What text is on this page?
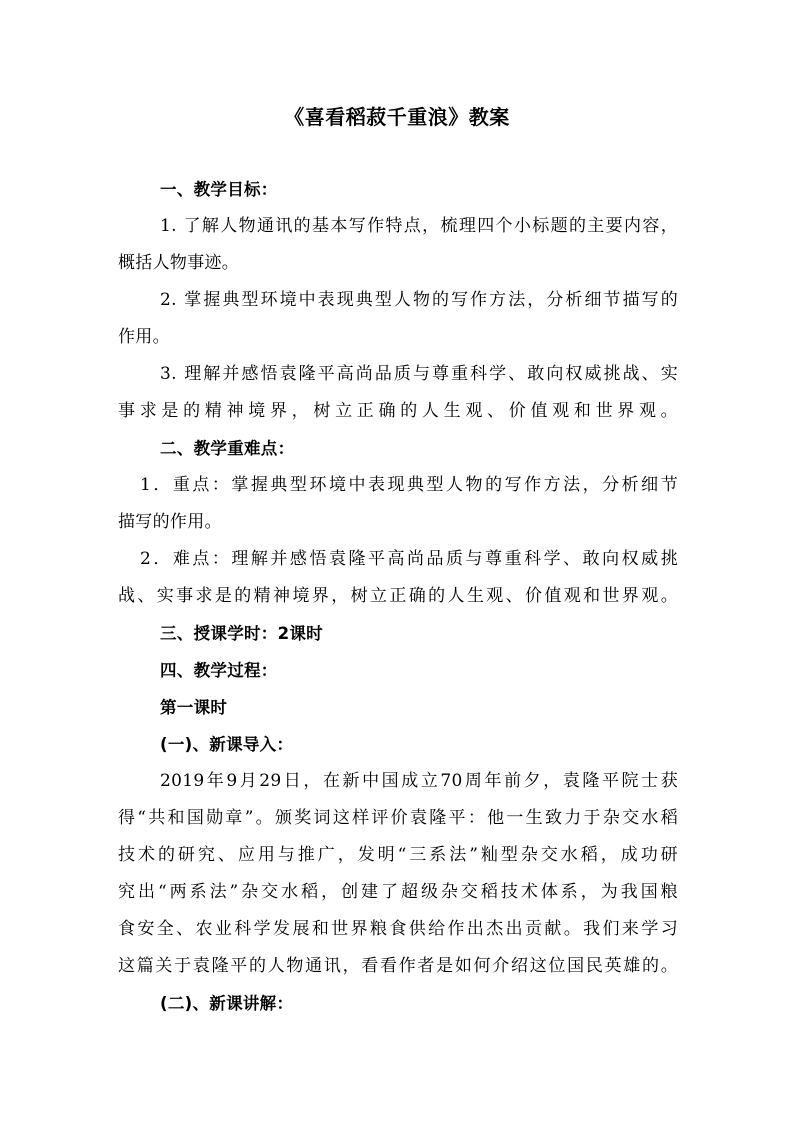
《喜看稻菽千重浪》教案
一、教学目标：
1. 了解人物通讯的基本写作特点，梳理四个小标题的主要内容，
概括人物事迹。
2. 掌握典型环境中表现典型人物的写作方法，分析细节描写的
作用。
3. 理解并感悟袁隆平高尚品质与尊重科学、敢向权威挑战、实
事求是的精神境界，树立正确的人生观、价值观和世界观。
二、教学重难点：
1．重点：掌握典型环境中表现典型人物的写作方法，分析细节
描写的作用。
2．难点：理解并感悟袁隆平高尚品质与尊重科学、敢向权威挑
战、实事求是的精神境界，树立正确的人生观、价值观和世界观。
三、授课学时：2课时
四、教学过程：
第一课时
(一)、新课导入：
2019年9月29日，在新中国成立70周年前夕，袁隆平院士获
得“共和国勋章”。颁奖词这样评价袁隆平：他一生致力于杂交水稻
技术的研究、应用与推广，发明“三系法”籼型杂交水稻，成功研
究出“两系法”杂交水稻，创建了超级杂交稻技术体系，为我国粮
食安全、农业科学发展和世界粮食供给作出杰出贡献。我们来学习
这篇关于袁隆平的人物通讯，看看作者是如何介绍这位国民英雄的。
(二)、新课讲解：
